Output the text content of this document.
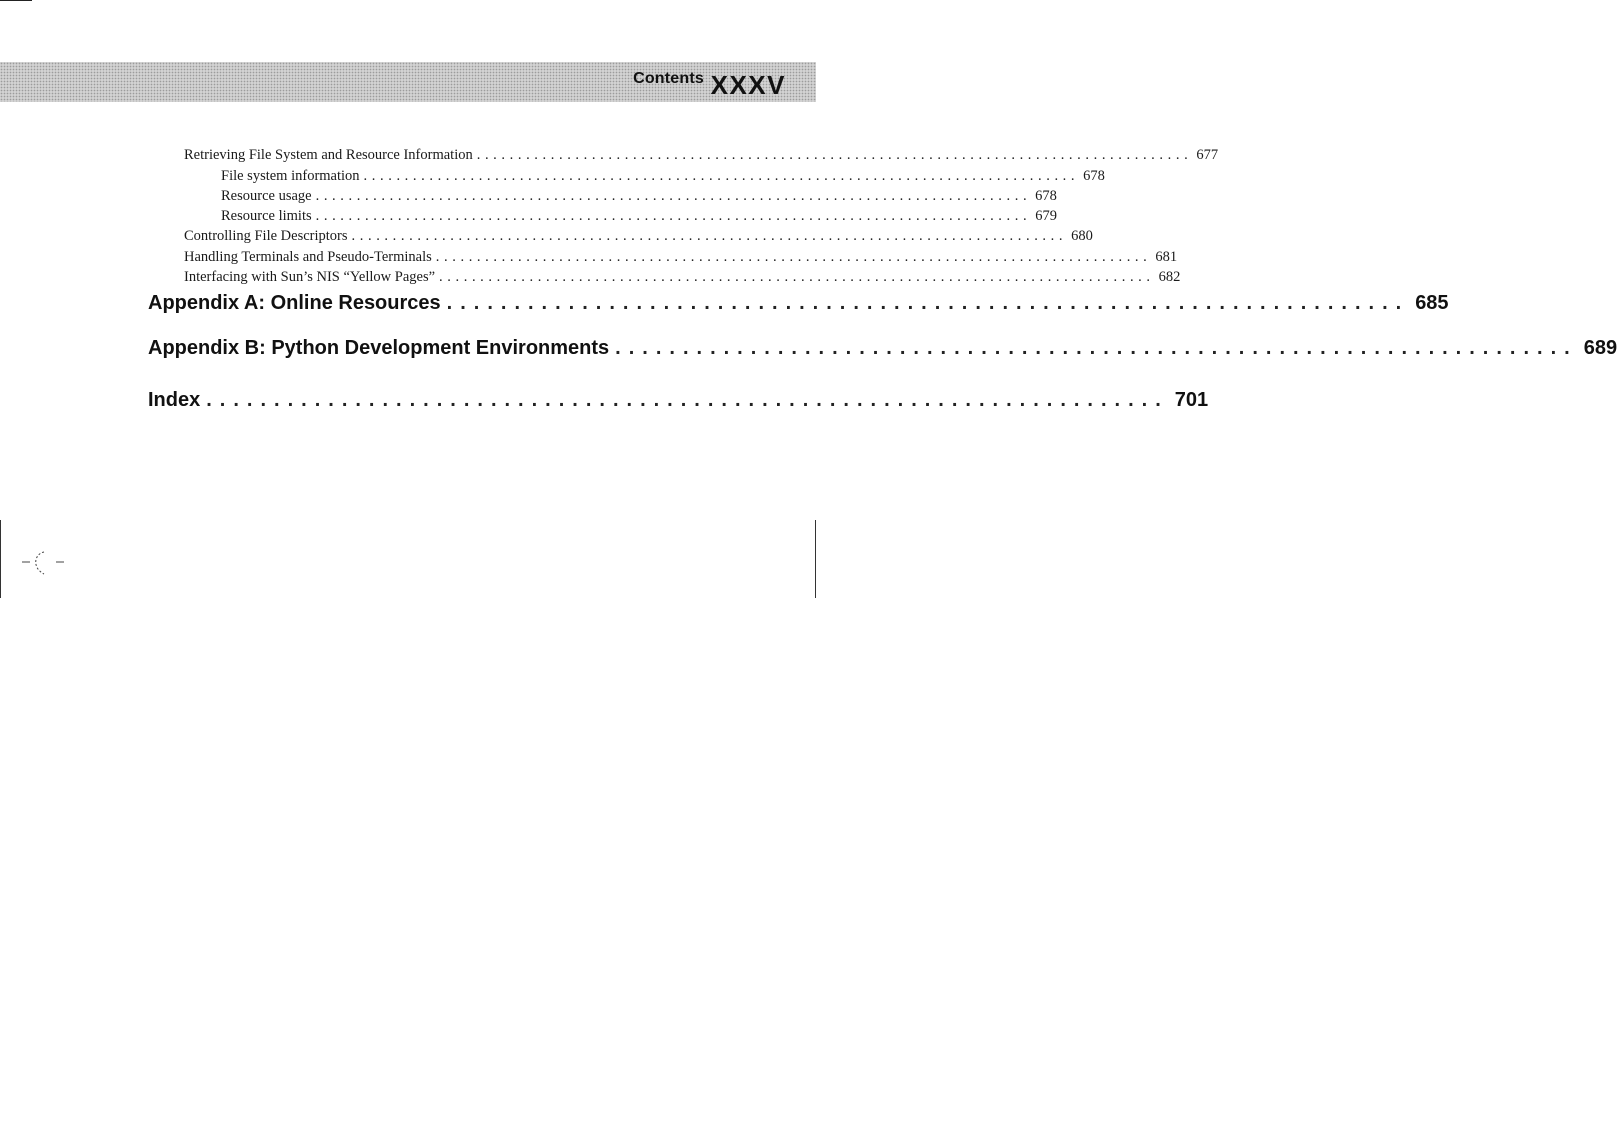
Contents XXXV
Retrieving File System and Resource Information ....................................................................................... 677
File system information ....................................................................................... 678
Resource usage ....................................................................................... 678
Resource limits ....................................................................................... 679
Controlling File Descriptors ....................................................................................... 680
Handling Terminals and Pseudo-Terminals ....................................................................................... 681
Interfacing with Sun’s NIS “Yellow Pages” ....................................................................................... 682
Appendix A: Online Resources ....................................................................... 685
Appendix B: Python Development Environments ....................................................................... 689
Index ....................................................................... 701
